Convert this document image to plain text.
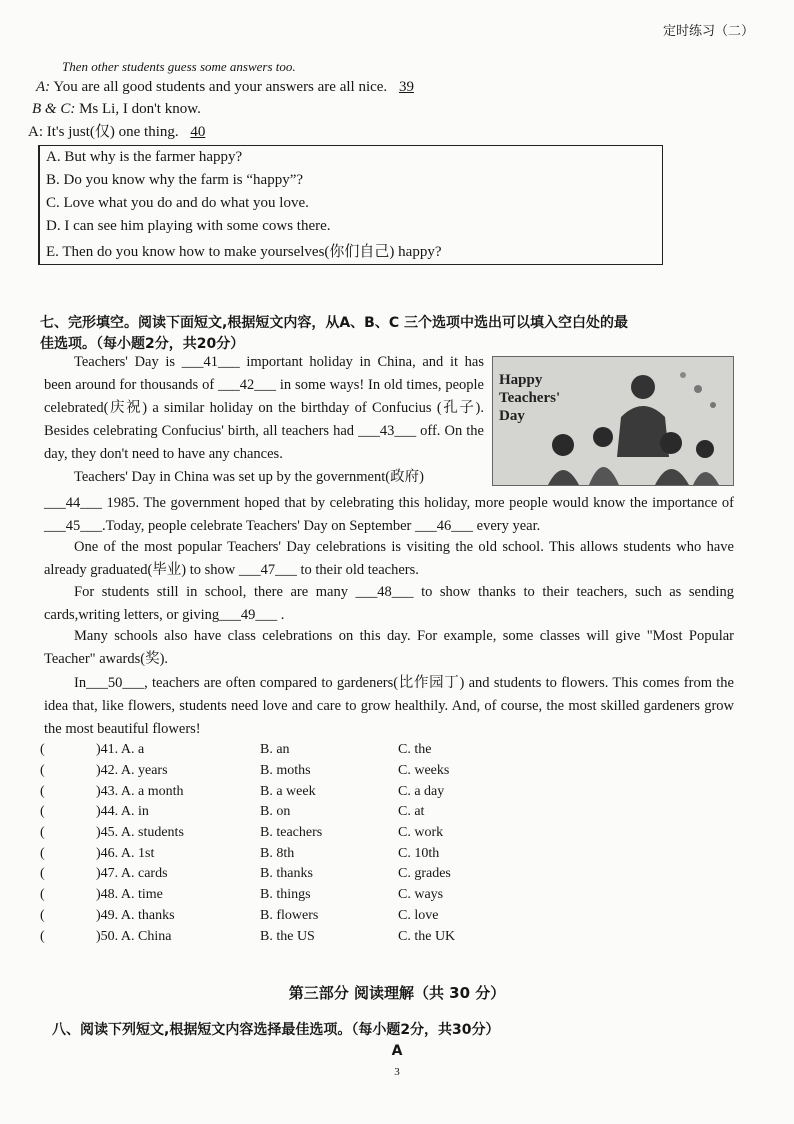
定时练习（二）
Then other students guess some answers too.
A: You are all good students and your answers are all nice. 39
B & C: Ms Li, I don't know.
A: It's just(仅) one thing. 40
A. But why is the farmer happy?
B. Do you know why the farm is “happy”?
C. Love what you do and do what you love.
D. I can see him playing with some cows there.
E. Then do you know how to make yourselves(你们自己) happy?
七、完形填空。阅读下面短文,根据短文内容，从A、B、C 三个选项中选出可以填入空白处的最
佳选项。（每小题2分，共20分）
Happy
Teachers'
Day
Teachers' Day is ___41___ important holiday in China, and it has been around for thousands of ___42___ in some ways! In old times, people celebrated(庆祝) a similar holiday on the birthday of Confucius (孔子). Besides celebrating Confucius' birth, all teachers had ___43___ off. On the day, they don't need to have any chances.
Teachers' Day in China was set up by the government(政府)
___44___ 1985. The government hoped that by celebrating this holiday, more people would know the importance of ___45___.Today, people celebrate Teachers' Day on September ___46___ every year.
One of the most popular Teachers' Day celebrations is visiting the old school. This allows students who have already graduated(毕业) to show ___47___ to their old teachers.
For students still in school, there are many ___48___ to show thanks to their teachers, such as sending cards,writing letters, or giving___49___ .
Many schools also have class celebrations on this day. For example, some classes will give "Most Popular Teacher" awards(奖).
In___50___, teachers are often compared to gardeners(比作园丁) and students to flowers. This comes from the idea that, like flowers, students need love and care to grow healthily. And, of course, the most skilled gardeners grow the most beautiful flowers!
(	)41. A. a	B. an	C. the
(	)42. A. years	B. moths	C. weeks
(	)43. A. a month	B. a week	C. a day
(	)44. A. in	B. on	C. at
(	)45. A. students	B. teachers	C. work
(	)46. A. 1st	B. 8th	C. 10th
(	)47. A. cards	B. thanks	C. grades
(	)48. A. time	B. things	C. ways
(	)49. A. thanks	B. flowers	C. love
(	)50. A. China	B. the US	C. the UK
第三部分 阅读理解（共 30 分）
八、阅读下列短文,根据短文内容选择最佳选项。（每小题2分，共30分）
A
3
